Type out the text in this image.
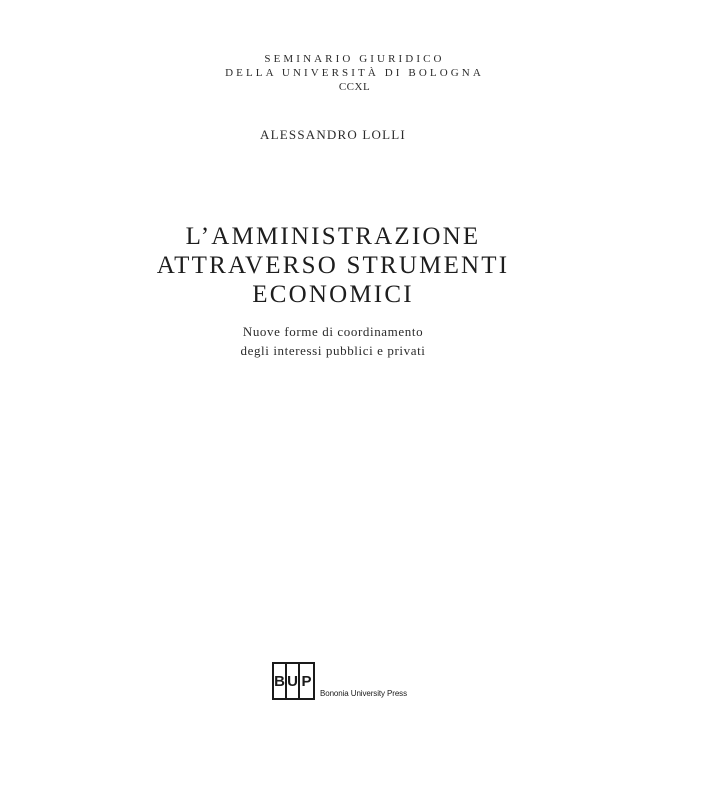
SEMINARIO GIURIDICO
DELLA UNIVERSITÀ DI BOLOGNA
CCXL
ALESSANDRO LOLLI
L’AMMINISTRAZIONE
ATTRAVERSO STRUMENTI
ECONOMICI
Nuove forme di coordinamento
degli interessi pubblici e privati
B U P
Bononia University Press
